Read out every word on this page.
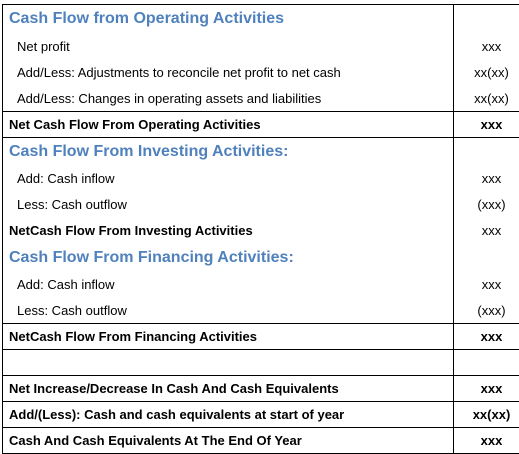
Cash Flow from Operating Activities	
Net profit	xxx
Add/Less: Adjustments to reconcile net profit to net cash	xx(xx)
Add/Less: Changes in operating assets and liabilities	xx(xx)
Net Cash Flow From Operating Activities	xxx
Cash Flow From Investing Activities:	
Add: Cash inflow	xxx
Less: Cash outflow	(xxx)
NetCash Flow From Investing Activities	xxx
Cash Flow From Financing Activities:	
Add: Cash inflow	xxx
Less: Cash outflow	(xxx)
NetCash Flow From Financing Activities	xxx

Net Increase/Decrease In Cash And Cash Equivalents	xxx
Add/(Less): Cash and cash equivalents at start of year	xx(xx)
Cash And Cash Equivalents At The End Of Year	xxx
